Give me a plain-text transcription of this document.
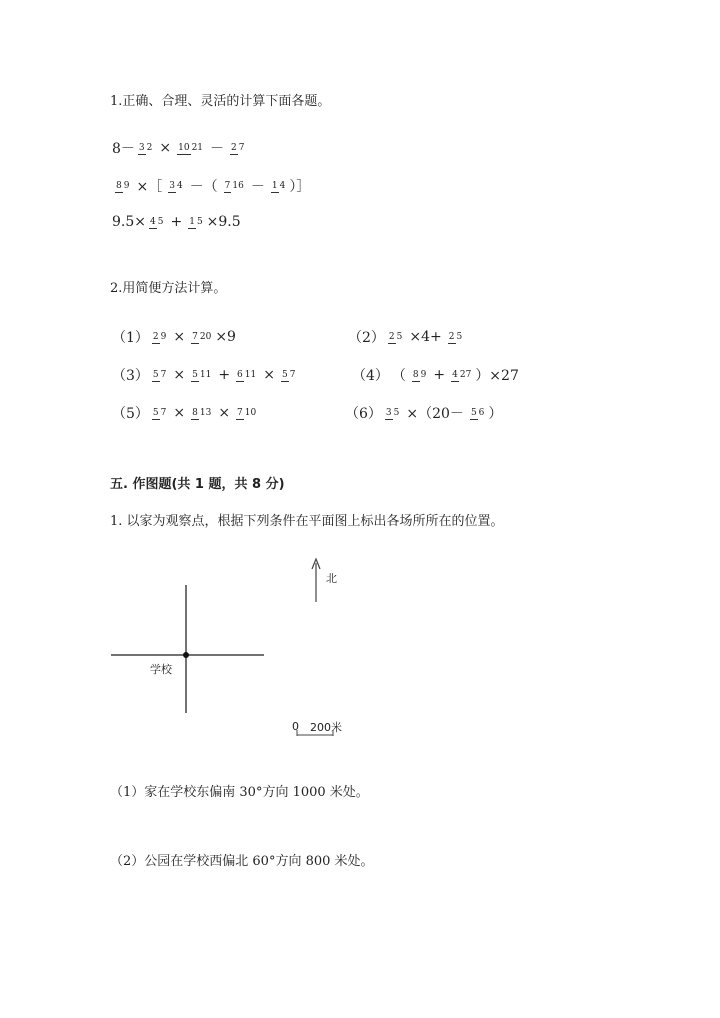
1.正确、合理、灵活的计算下面各题。
8－ 3 2 × 10 21 － 2 7
8 9 ×［ 3 4 －（ 7 16 － 1 4 ）］
9.5× 4 5 + 1 5 ×9.5
2.用简便方法计算。
（1） 2 9 × 7 20 ×9	（2） 2 5 ×4+ 2 5
（3） 5 7 × 5 11 + 6 11 × 5 7	（4） （ 8 9 + 4 27 ）×27
（5） 5 7 × 8 13 × 7 10	（6） 3 5 ×（20－ 5 6 ）
五. 作图题(共 1 题，共 8 分)
1. 以家为观察点，根据下列条件在平面图上标出各场所所在的位置。
北
学校
0 200米
（1）家在学校东偏南 30°方向 1000 米处。
（2）公园在学校西偏北 60°方向 800 米处。
